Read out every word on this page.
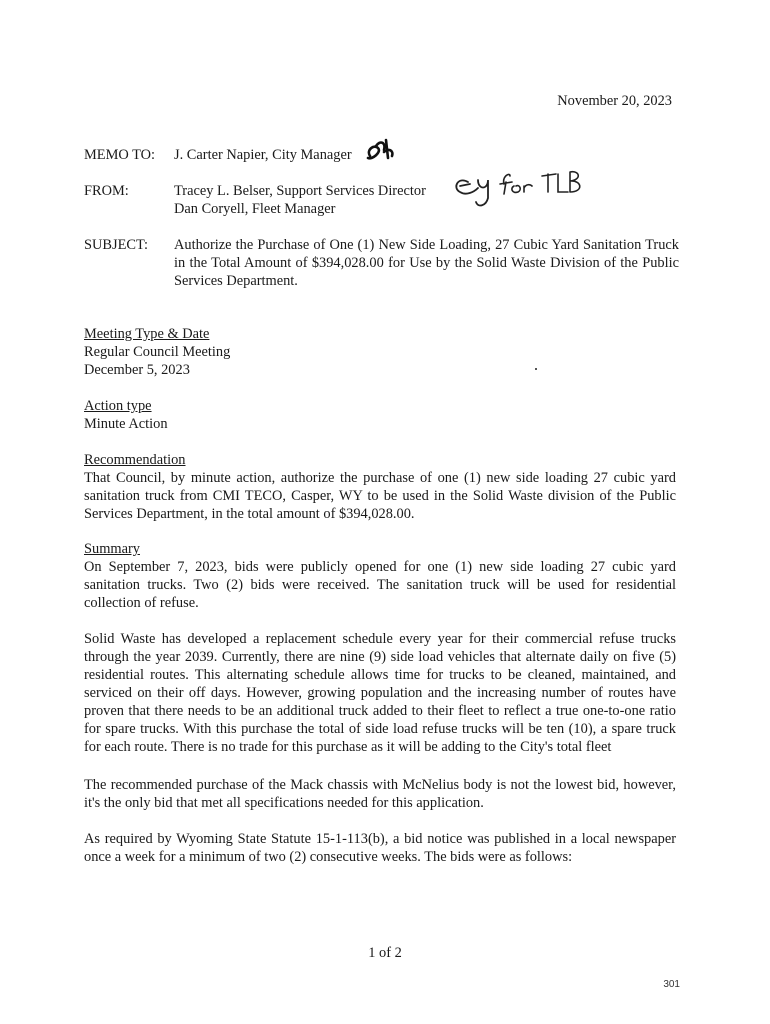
November 20, 2023
MEMO TO:	J. Carter Napier, City Manager
FROM:	Tracey L. Belser, Support Services Director
Dan Coryell, Fleet Manager
SUBJECT:	Authorize the Purchase of One (1) New Side Loading, 27 Cubic Yard Sanitation Truck in the Total Amount of $394,028.00 for Use by the Solid Waste Division of the Public Services Department.
Meeting Type & Date
Regular Council Meeting
December 5, 2023
Action type
Minute Action
Recommendation
That Council, by minute action, authorize the purchase of one (1) new side loading 27 cubic yard sanitation truck from CMI TECO, Casper, WY to be used in the Solid Waste division of the Public Services Department, in the total amount of $394,028.00.
Summary
On September 7, 2023, bids were publicly opened for one (1) new side loading 27 cubic yard sanitation trucks. Two (2) bids were received. The sanitation truck will be used for residential collection of refuse.
Solid Waste has developed a replacement schedule every year for their commercial refuse trucks through the year 2039. Currently, there are nine (9) side load vehicles that alternate daily on five (5) residential routes. This alternating schedule allows time for trucks to be cleaned, maintained, and serviced on their off days. However, growing population and the increasing number of routes have proven that there needs to be an additional truck added to their fleet to reflect a true one-to-one ratio for spare trucks. With this purchase the total of side load refuse trucks will be ten (10), a spare truck for each route. There is no trade for this purchase as it will be adding to the City's total fleet
The recommended purchase of the Mack chassis with McNelius body is not the lowest bid, however, it's the only bid that met all specifications needed for this application.
As required by Wyoming State Statute 15-1-113(b), a bid notice was published in a local newspaper once a week for a minimum of two (2) consecutive weeks. The bids were as follows:
1 of 2
301
